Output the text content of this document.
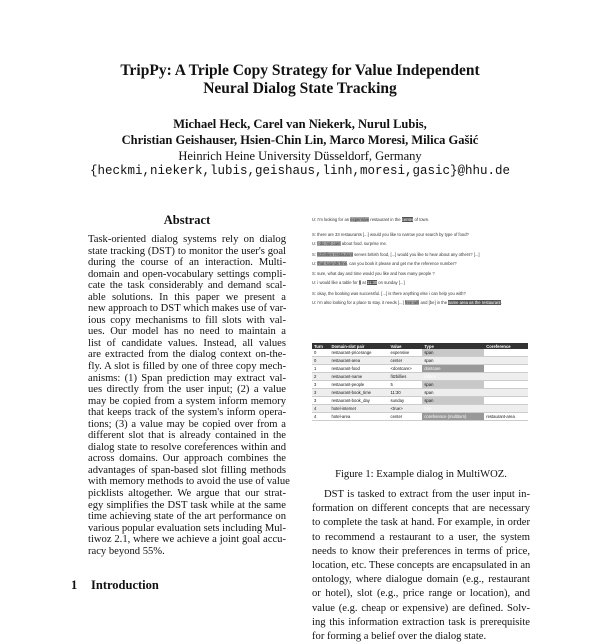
TripPy: A Triple Copy Strategy for Value Independent
Neural Dialog State Tracking
Michael Heck, Carel van Niekerk, Nurul Lubis,
Christian Geishauser, Hsien-Chin Lin, Marco Moresi, Milica Gašić
Heinrich Heine University Düsseldorf, Germany
{heckmi,niekerk,lubis,geishaus,linh,moresi,gasic}@hhu.de
Abstract
Task-oriented dialog systems rely on dialog
state tracking (DST) to monitor the user's goal
during the course of an interaction. Multi-
domain and open-vocabulary settings compli-
cate the task considerably and demand scal-
able solutions. In this paper we present a
new approach to DST which makes use of var-
ious copy mechanisms to fill slots with val-
ues. Our model has no need to maintain a
list of candidate values. Instead, all values
are extracted from the dialog context on-the-
fly. A slot is filled by one of three copy mech-
anisms: (1) Span prediction may extract val-
ues directly from the user input; (2) a value
may be copied from a system inform memory
that keeps track of the system's inform opera-
tions; (3) a value may be copied over from a
different slot that is already contained in the
dialog state to resolve coreferences within and
across domains. Our approach combines the
advantages of span-based slot filling methods
with memory methods to avoid the use of value
picklists altogether. We argue that our strat-
egy simplifies the DST task while at the same
time achieving state of the art performance on
various popular evaluation sets including Mul-
tiwoz 2.1, where we achieve a joint goal accu-
racy beyond 55%.
1 Introduction
U: I'm looking for an expensive restaurant in the center of town.
S: there are 33 restaurants [...] would you like to narrow your search by type of food?
U: I do not care about food. surprise me.
S: fitzbillies restaurant serves british food, [...] would you like to hear about any others? [...]
U: that sounds fine. can you book it please and get me the reference number?
S: sure, what day and time would you like and how many people ?
U: i would like a table for 5 at 11:30 on sunday [...]
S: okay, the booking was successful. [...] is there anything else i can help you with?
U: i'm also looking for a place to stay. it needs [...] free wifi and [be] in the same area as the restaurant.
Turn	Domain-slot pair	Value	Type	Coreference
0	restaurant-pricerange	expensive	span	
0	restaurant-area	center	span	
1	restaurant-food	<dontcare>	dontcare	
2	restaurant-name	fitzbillies	inform	
3	restaurant-people	5	span	
3	restaurant-book_time	11:30	span	
3	restaurant-book_day	sunday	span	
4	hotel-internet	<true>	true	
4	hotel-area	center	coreference (multiturn)	restaurant-area
Figure 1: Example dialog in MultiWOZ.
DST is tasked to extract from the user input in-
formation on different concepts that are necessary
to complete the task at hand. For example, in order
to recommend a restaurant to a user, the system
needs to know their preferences in terms of price,
location, etc. These concepts are encapsulated in an
ontology, where dialogue domain (e.g., restaurant
or hotel), slot (e.g., price range or location), and
value (e.g. cheap or expensive) are defined. Solv-
ing this information extraction task is prerequisite
for forming a belief over the dialog state.
